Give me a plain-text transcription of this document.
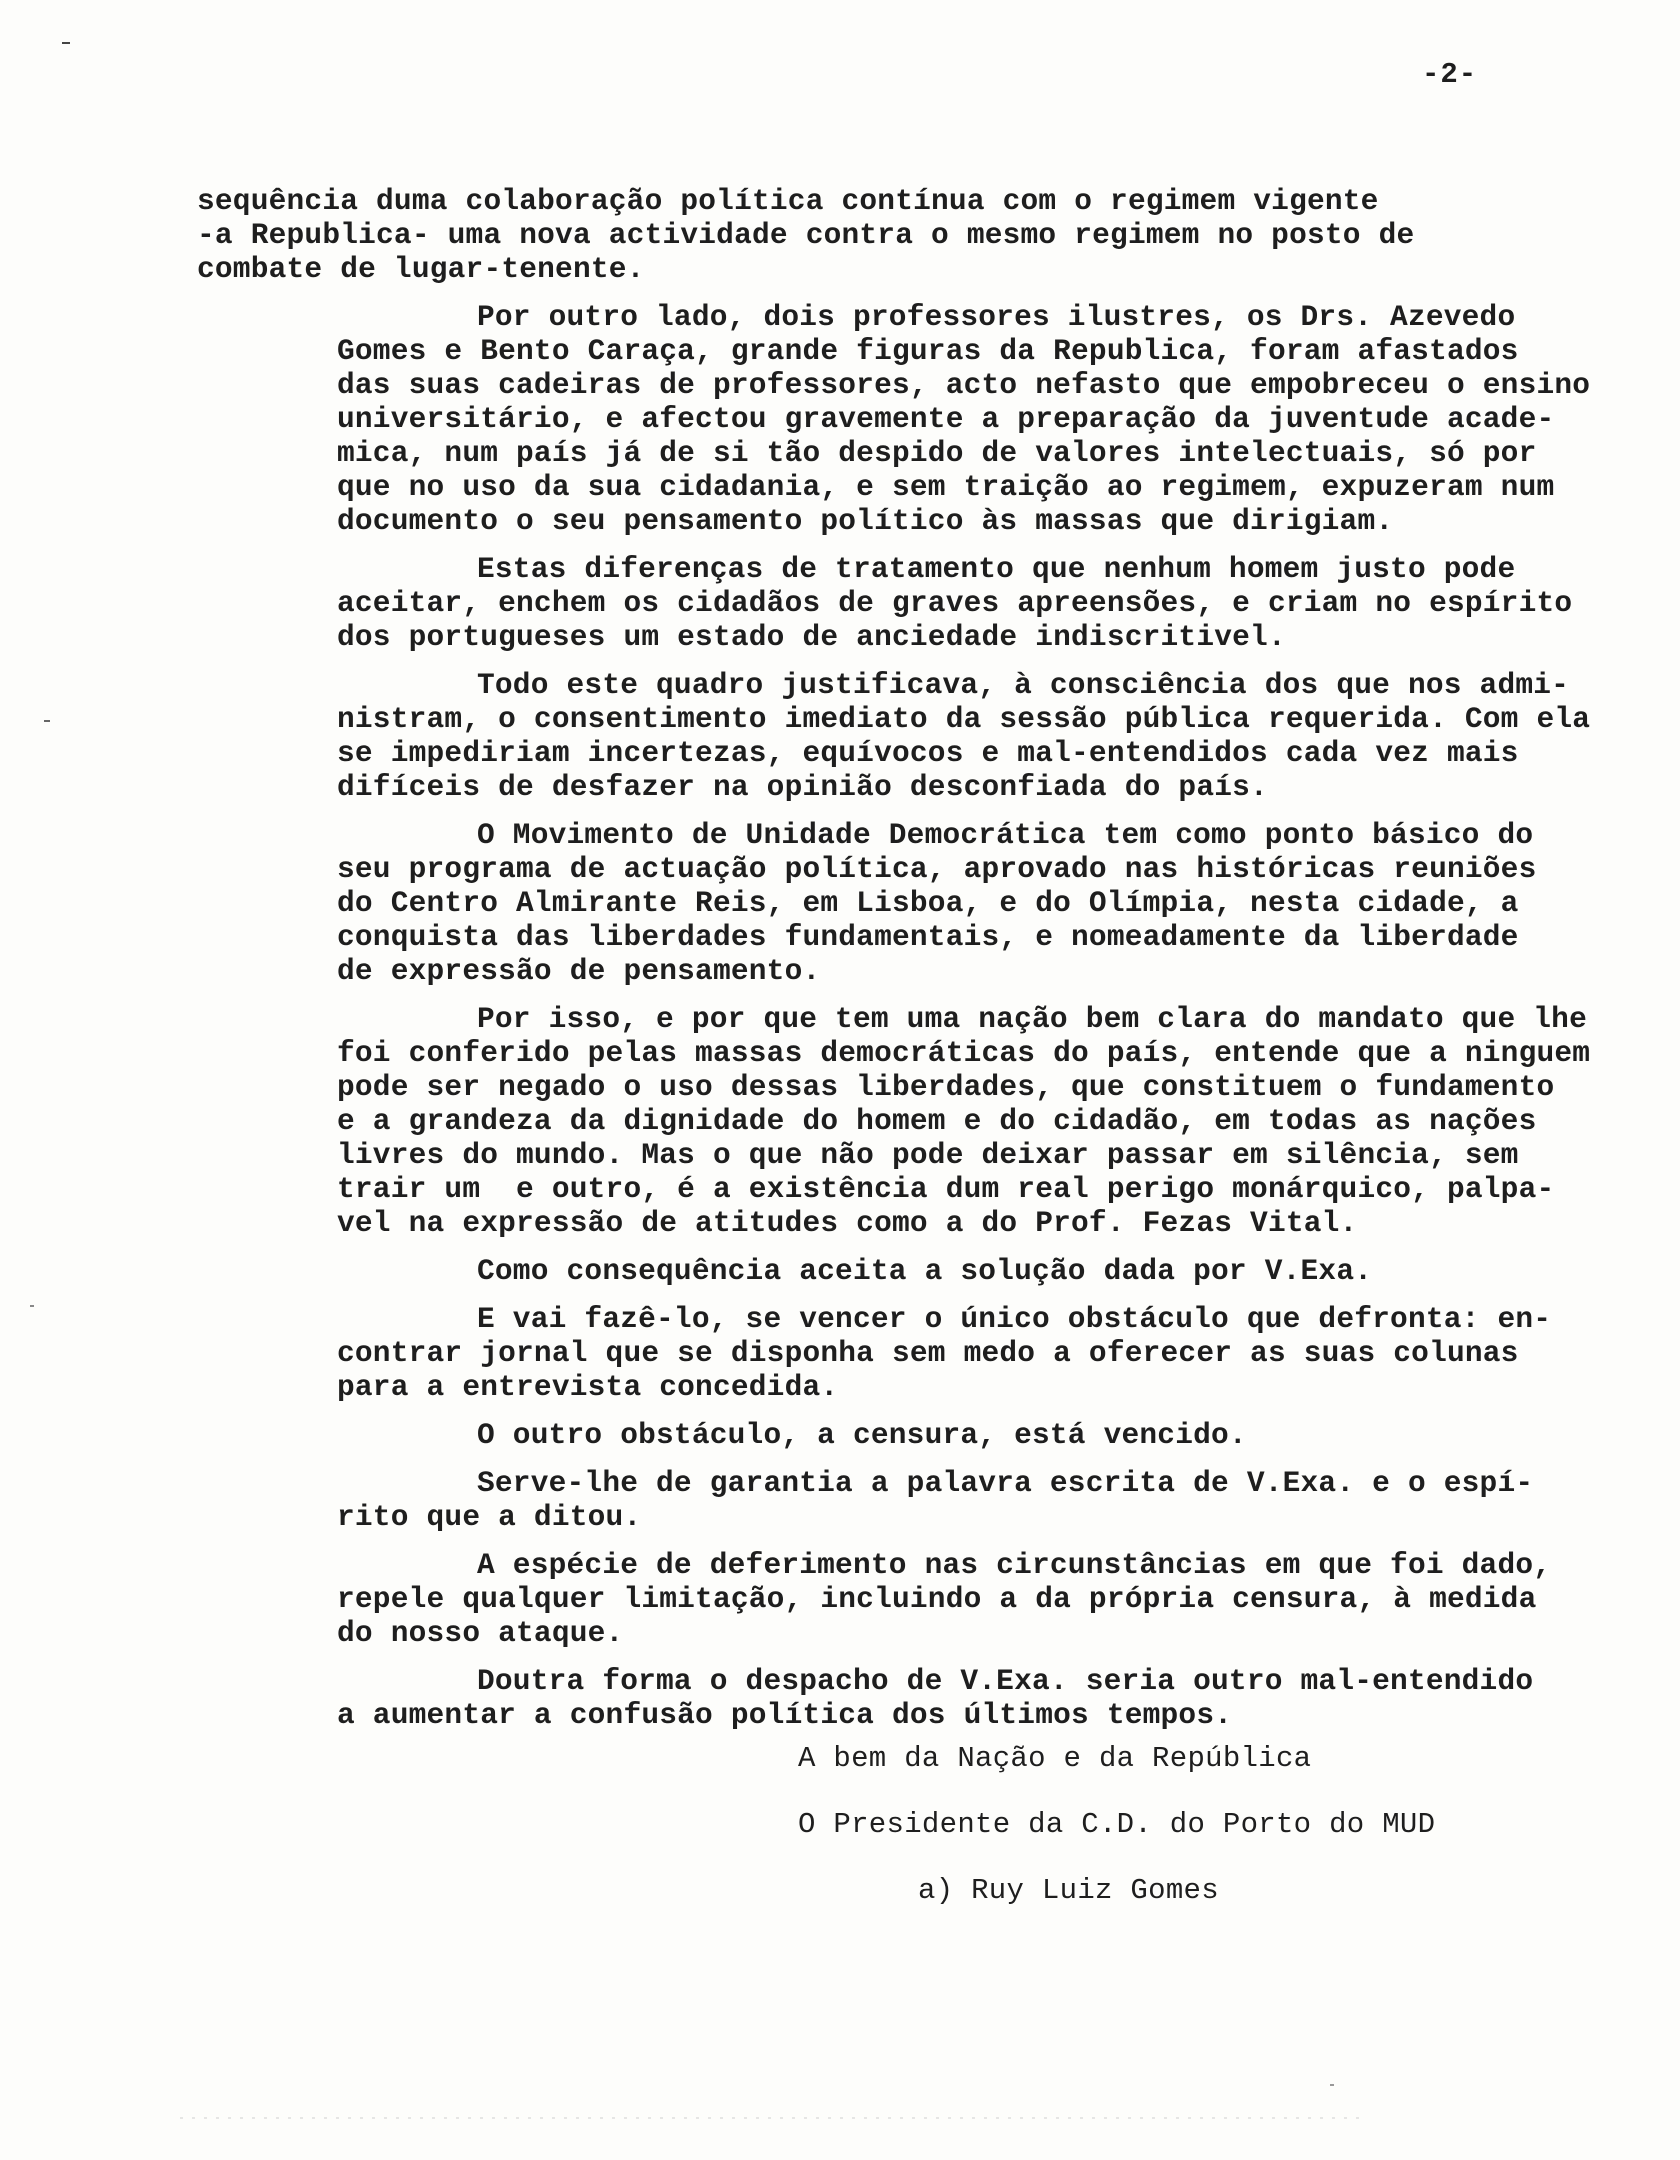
-2-

sequência duma colaboração política contínua com o regimem vigente
-a Republica- uma nova actividade contra o mesmo regimem no posto de
combate de lugar-tenente.

Por outro lado, dois professores ilustres, os Drs. Azevedo
Gomes e Bento Caraça, grande figuras da Republica, foram afastados
das suas cadeiras de professores, acto nefasto que empobreceu o ensino
universitário, e afectou gravemente a preparação da juventude acade-
mica, num país já de si tão despido de valores intelectuais, só por
que no uso da sua cidadania, e sem traição ao regimem, expuzeram num
documento o seu pensamento político às massas que dirigiam.

Estas diferenças de tratamento que nenhum homem justo pode
aceitar, enchem os cidadãos de graves apreensões, e criam no espírito
dos portugueses um estado de anciedade indiscritivel.

Todo este quadro justificava, à consciência dos que nos admi-
nistram, o consentimento imediato da sessão pública requerida. Com ela
se impediriam incertezas, equívocos e mal-entendidos cada vez mais
difíceis de desfazer na opinião desconfiada do país.

O Movimento de Unidade Democrática tem como ponto básico do
seu programa de actuação política, aprovado nas históricas reuniões
do Centro Almirante Reis, em Lisboa, e do Olímpia, nesta cidade, a
conquista das liberdades fundamentais, e nomeadamente da liberdade
de expressão de pensamento.

Por isso, e por que tem uma nação bem clara do mandato que lhe
foi conferido pelas massas democráticas do país, entende que a ninguem
pode ser negado o uso dessas liberdades, que constituem o fundamento
e a grandeza da dignidade do homem e do cidadão, em todas as nações
livres do mundo. Mas o que não pode deixar passar em silência, sem
trair um  e outro, é a existência dum real perigo monárquico, palpa-
vel na expressão de atitudes como a do Prof. Fezas Vital.

Como consequência aceita a solução dada por V.Exa.

E vai fazê-lo, se vencer o único obstáculo que defronta: en-
contrar jornal que se disponha sem medo a oferecer as suas colunas
para a entrevista concedida.

O outro obstáculo, a censura, está vencido.

Serve-lhe de garantia a palavra escrita de V.Exa. e o espí-
rito que a ditou.

A espécie de deferimento nas circunstâncias em que foi dado,
repele qualquer limitação, incluindo a da própria censura, à medida
do nosso ataque.

Doutra forma o despacho de V.Exa. seria outro mal-entendido
a aumentar a confusão política dos últimos tempos.

A bem da Nação e da República
O Presidente da C.D. do Porto do MUD
a) Ruy Luiz Gomes
